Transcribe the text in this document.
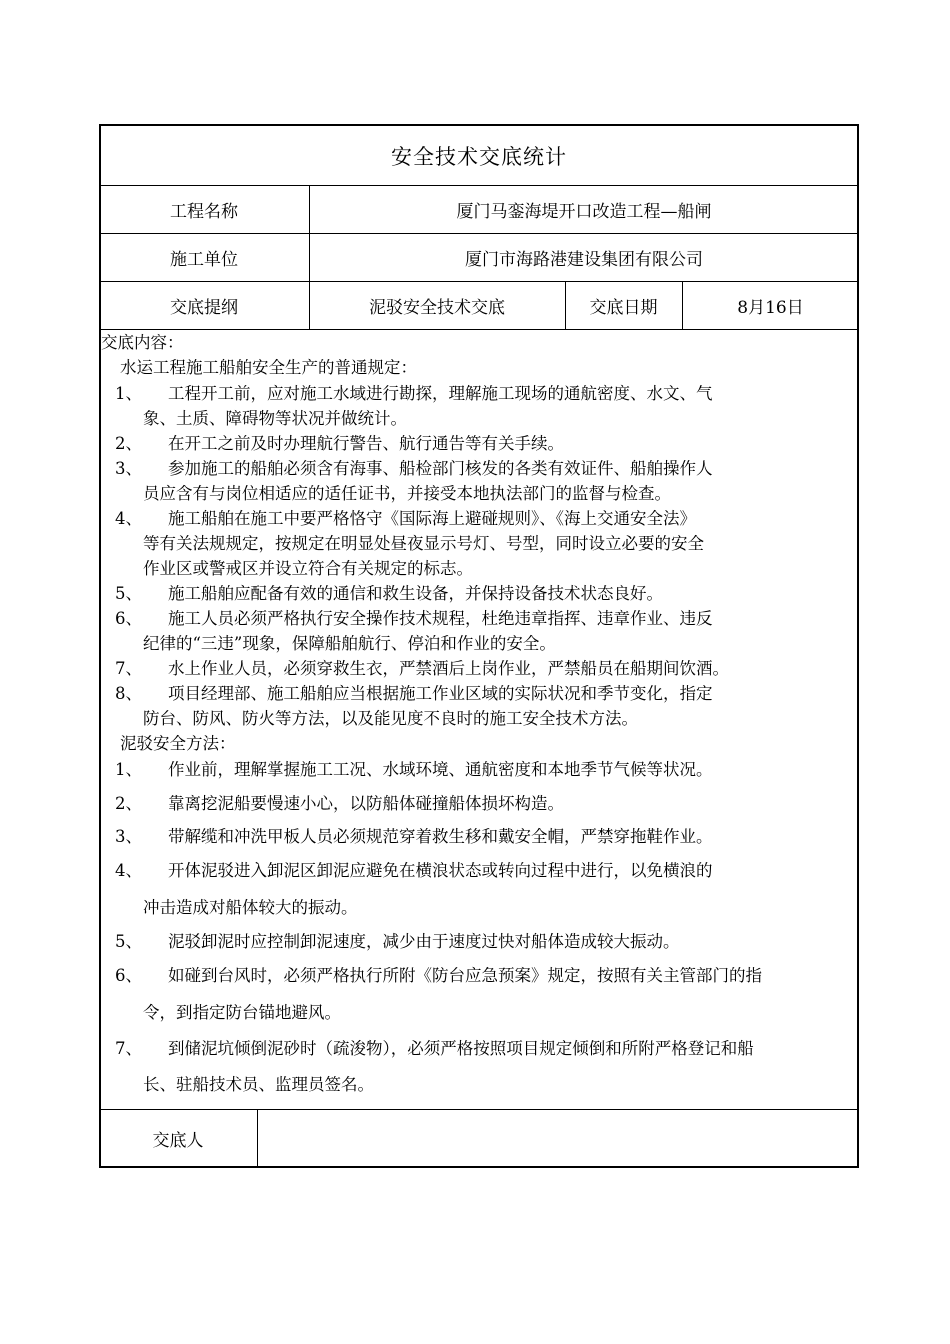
安全技术交底统计
工程名称	厦门马銮海堤开口改造工程—船闸
施工单位	厦门市海路港建设集团有限公司
交底提纲	泥驳安全技术交底	交底日期	8月16日
交底内容：
水运工程施工船舶安全生产的普通规定：
1、 工程开工前，应对施工水域进行勘探，理解施工现场的通航密度、水文、气
象、土质、障碍物等状况并做统计。
2、 在开工之前及时办理航行警告、航行通告等有关手续。
3、 参加施工的船舶必须含有海事、船检部门核发的各类有效证件、船舶操作人
员应含有与岗位相适应的适任证书，并接受本地执法部门的监督与检查。
4、 施工船舶在施工中要严格恪守《国际海上避碰规则》、《海上交通安全法》
等有关法规规定，按规定在明显处昼夜显示号灯、号型，同时设立必要的安全
作业区或警戒区并设立符合有关规定的标志。
5、 施工船舶应配备有效的通信和救生设备，并保持设备技术状态良好。
6、 施工人员必须严格执行安全操作技术规程，杜绝违章指挥、违章作业、违反
纪律的“三违”现象，保障船舶航行、停泊和作业的安全。
7、 水上作业人员，必须穿救生衣，严禁酒后上岗作业，严禁船员在船期间饮酒。
8、 项目经理部、施工船舶应当根据施工作业区域的实际状况和季节变化，指定
防台、防风、防火等方法，以及能见度不良时的施工安全技术方法。
泥驳安全方法：
1、 作业前，理解掌握施工工况、水域环境、通航密度和本地季节气候等状况。
2、 靠离挖泥船要慢速小心，以防船体碰撞船体损坏构造。
3、 带解缆和冲洗甲板人员必须规范穿着救生移和戴安全帽，严禁穿拖鞋作业。
4、 开体泥驳进入卸泥区卸泥应避免在横浪状态或转向过程中进行，以免横浪的
冲击造成对船体较大的振动。
5、 泥驳卸泥时应控制卸泥速度，减少由于速度过快对船体造成较大振动。
6、 如碰到台风时，必须严格执行所附《防台应急预案》规定，按照有关主管部门的指
令，到指定防台锚地避风。
7、 到储泥坑倾倒泥砂时（疏浚物），必须严格按照项目规定倾倒和所附严格登记和船
长、驻船技术员、监理员签名。
交底人
